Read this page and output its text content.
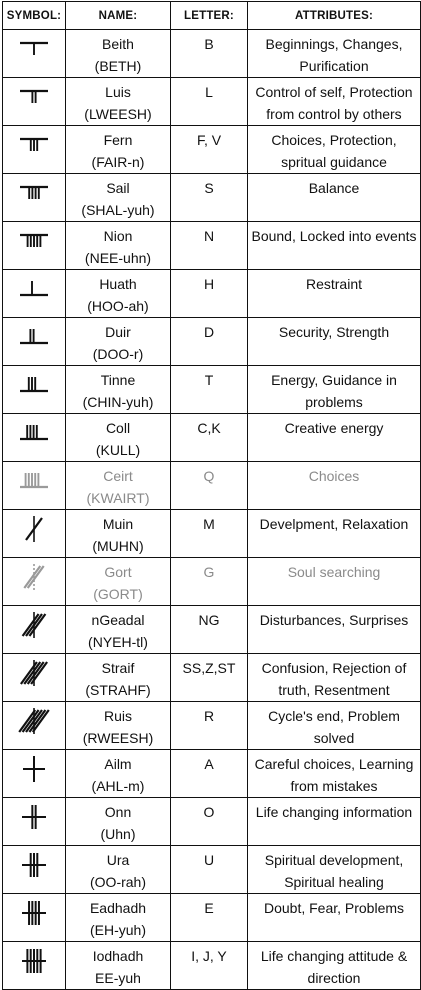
SYMBOL:	NAME:	LETTER:	ATTRIBUTES:

Beith
(BETH)	B	Beginnings, Changes, Purification

Luis
(LWEESH)	L	Control of self, Protection from control by others

Fern
(FAIR-n)	F, V	Choices, Protection, spritual guidance

Sail
(SHAL-yuh)	S	Balance

Nion
(NEE-uhn)	N	Bound, Locked into events

Huath
(HOO-ah)	H	Restraint

Duir
(DOO-r)	D	Security, Strength

Tinne
(CHIN-yuh)	T	Energy, Guidance in problems

Coll
(KULL)	C,K	Creative energy

Ceirt
(KWAIRT)	Q	Choices

Muin
(MUHN)	M	Develpment, Relaxation

Gort
(GORT)	G	Soul searching

nGeadal
(NYEH-tl)	NG	Disturbances, Surprises

Straif
(STRAHF)	SS,Z,ST	Confusion, Rejection of truth, Resentment

Ruis
(RWEESH)	R	Cycle's end, Problem solved

Ailm
(AHL-m)	A	Careful choices, Learning from mistakes

Onn
(Uhn)	O	Life changing information

Ura
(OO-rah)	U	Spiritual development, Spiritual healing

Eadhadh
(EH-yuh)	E	Doubt, Fear, Problems

Iodhadh
EE-yuh	I, J, Y	Life changing attitude & direction
